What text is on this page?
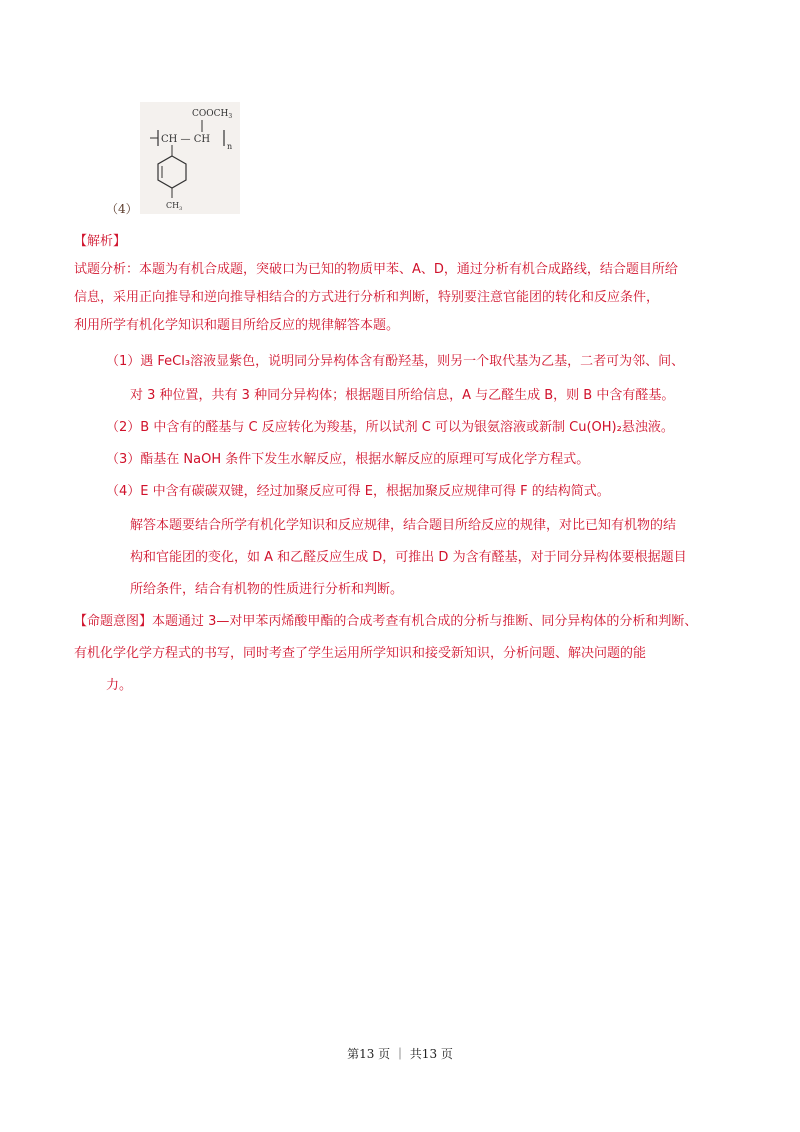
$COOCH_3$
CH — CH
n
$CH_3$
（4）
【解析】
试题分析：本题为有机合成题，突破口为已知的物质甲苯、A、D，通过分析有机合成路线，结合题目所给
信息，采用正向推导和逆向推导相结合的方式进行分析和判断，特别要注意官能团的转化和反应条件，
利用所学有机化学知识和题目所给反应的规律解答本题。
（1）遇 FeCl₃溶液显紫色，说明同分异构体含有酚羟基，则另一个取代基为乙基，二者可为邻、间、
对 3 种位置，共有 3 种同分异构体；根据题目所给信息，A 与乙醛生成 B，则 B 中含有醛基。
（2）B 中含有的醛基与 C 反应转化为羧基，所以试剂 C 可以为银氨溶液或新制 Cu(OH)₂悬浊液。
（3）酯基在 NaOH 条件下发生水解反应，根据水解反应的原理可写成化学方程式。
（4）E 中含有碳碳双键，经过加聚反应可得 E，根据加聚反应规律可得 F 的结构简式。
解答本题要结合所学有机化学知识和反应规律，结合题目所给反应的规律，对比已知有机物的结
构和官能团的变化，如 A 和乙醛反应生成 D，可推出 D 为含有醛基，对于同分异构体要根据题目
所给条件，结合有机物的性质进行分析和判断。
【命题意图】本题通过 3—对甲苯丙烯酸甲酯的合成考查有机合成的分析与推断、同分异构体的分析和判断、
有机化学化学方程式的书写，同时考查了学生运用所学知识和接受新知识，分析问题、解决问题的能
力。
第13 页 ｜ 共13 页
